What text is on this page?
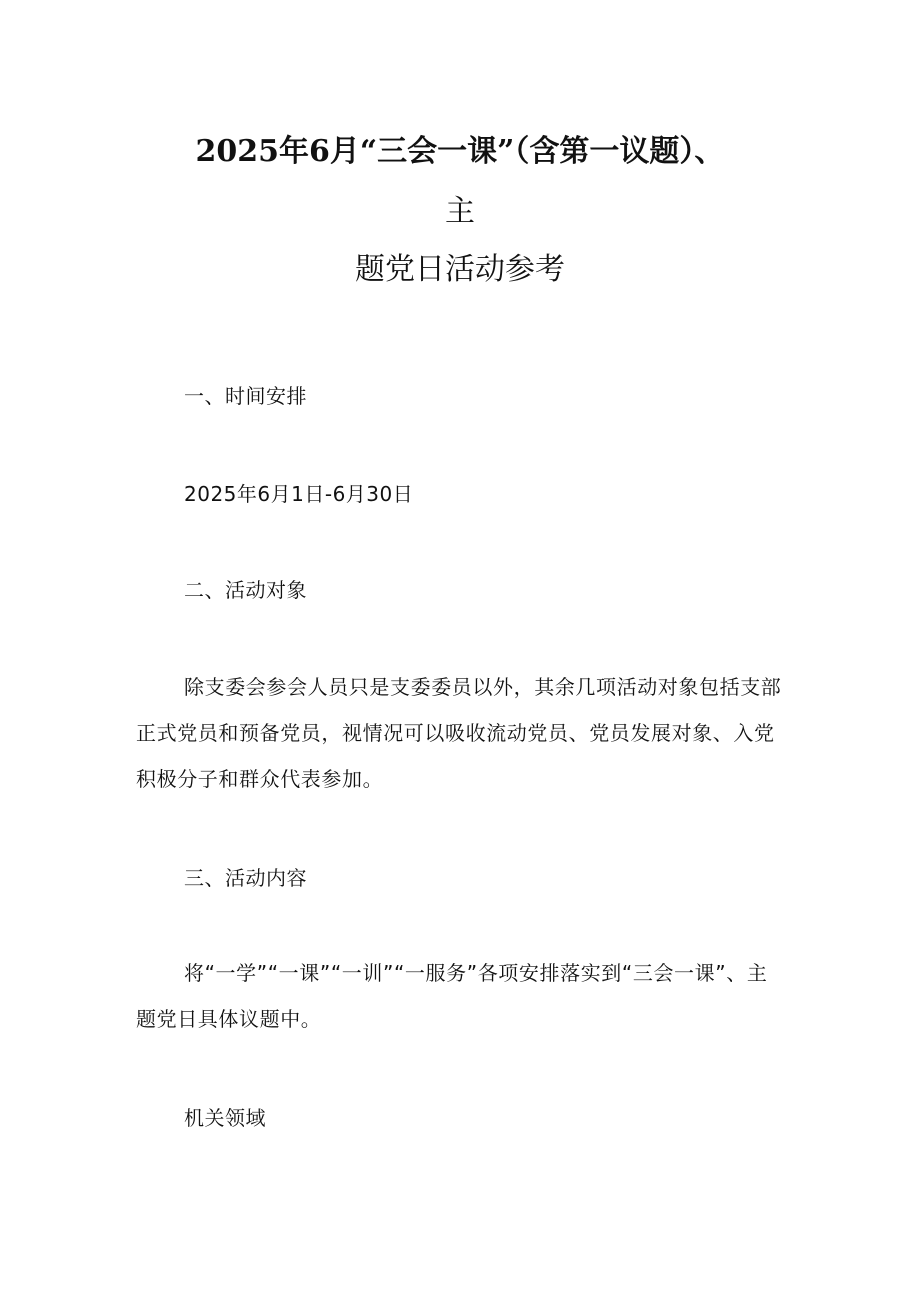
2025年6月“三会一课”（含第一议题）、
主
题党日活动参考
一、时间安排
2025年6月1日-6月30日
二、活动对象
除支委会参会人员只是支委委员以外，其余几项活动对象包括支部正式党员和预备党员，视情况可以吸收流动党员、党员发展对象、入党积极分子和群众代表参加。
三、活动内容
将“一学”“一课”“一训”“一服务”各项安排落实到“三会一课”、主题党日具体议题中。
机关领域
